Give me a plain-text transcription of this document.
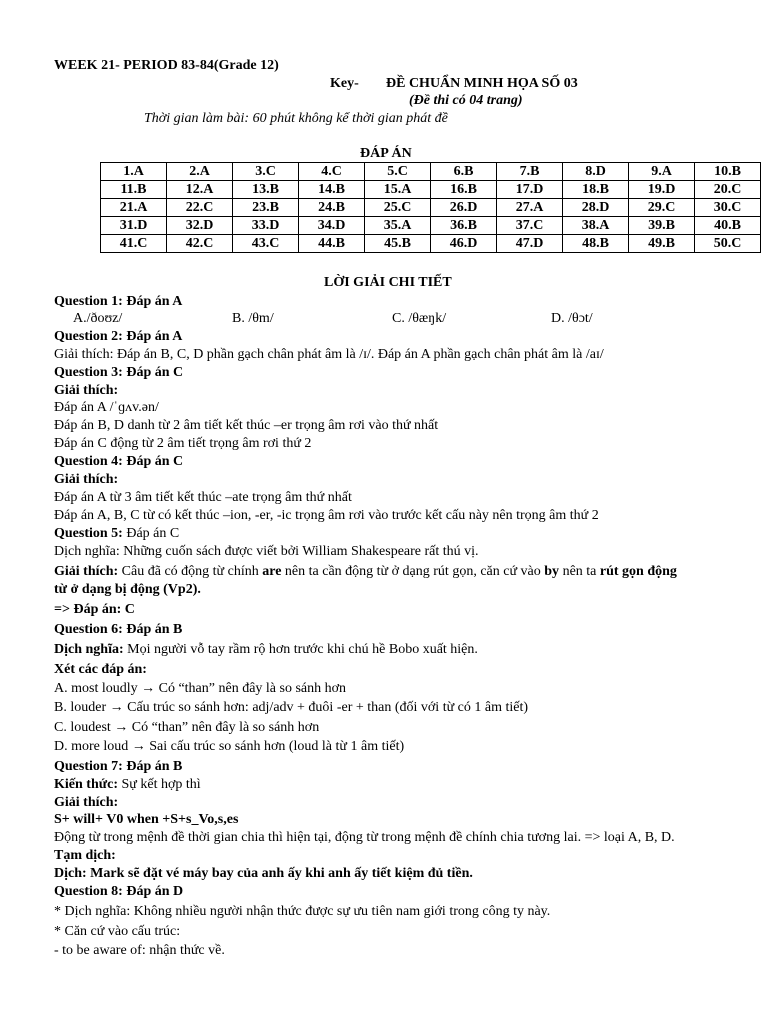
WEEK 21- PERIOD 83-84(Grade 12)
Key- ĐỀ CHUẨN MINH HỌA SỐ 03
(Đề thi có 04 trang)
Thời gian làm bài: 60 phút không kể thời gian phát đề
ĐÁP ÁN
1.A	2.A	3.C	4.C	5.C	6.B	7.B	8.D	9.A	10.B
11.B	12.A	13.B	14.B	15.A	16.B	17.D	18.B	19.D	20.C
21.A	22.C	23.B	24.B	25.C	26.D	27.A	28.D	29.C	30.C
31.D	32.D	33.D	34.D	35.A	36.B	37.C	38.A	39.B	40.B
41.C	42.C	43.C	44.B	45.B	46.D	47.D	48.B	49.B	50.C
LỜI GIẢI CHI TIẾT
Question 1: Đáp án A
A./ðoʊz/	B. /θm/	C. /θæŋk/	D. /θɔt/
Question 2: Đáp án A
Giải thích: Đáp án B, C, D phần gạch chân phát âm là /ɪ/. Đáp án A phần gạch chân phát âm là /aɪ/
Question 3: Đáp án C
Giải thích:
Đáp án A /ˈɡʌv.ən/
Đáp án B, D danh từ 2 âm tiết kết thúc –er trọng âm rơi vào thứ nhất
Đáp án C động từ 2 âm tiết trọng âm rơi thứ 2
Question 4: Đáp án C
Giải thích:
Đáp án A từ 3 âm tiết kết thúc –ate trọng âm thứ nhất
Đáp án A, B, C từ có kết thúc –ion, -er, -ic trọng âm rơi vào trước kết cấu này nên trọng âm thứ 2
Question 5: Đáp án C
Dịch nghĩa: Những cuốn sách được viết bởi William Shakespeare rất thú vị.
Giải thích: Câu đã có động từ chính are nên ta cần động từ ở dạng rút gọn, căn cứ vào by nên ta rút gọn động
từ ở dạng bị động (Vp2).
=> Đáp án: C
Question 6: Đáp án B
Dịch nghĩa: Mọi người vỗ tay rầm rộ hơn trước khi chú hề Bobo xuất hiện.
Xét các đáp án:
A. most loudly → Có “than” nên đây là so sánh hơn
B. louder → Cấu trúc so sánh hơn: adj/adv + đuôi -er + than (đối với từ có 1 âm tiết)
C. loudest → Có “than” nên đây là so sánh hơn
D. more loud → Sai cấu trúc so sánh hơn (loud là từ 1 âm tiết)
Question 7: Đáp án B
Kiến thức: Sự kết hợp thì
Giải thích:
S+ will+ V0 when +S+s_Vo,s,es
Động từ trong mệnh đề thời gian chia thì hiện tại, động từ trong mệnh đề chính chia tương lai. => loại A, B, D.
Tạm dịch:
Dịch: Mark sẽ đặt vé máy bay của anh ấy khi anh ấy tiết kiệm đủ tiền.
Question 8: Đáp án D
* Dịch nghĩa: Không nhiều người nhận thức được sự ưu tiên nam giới trong công ty này.
* Căn cứ vào cấu trúc:
- to be aware of: nhận thức về.
